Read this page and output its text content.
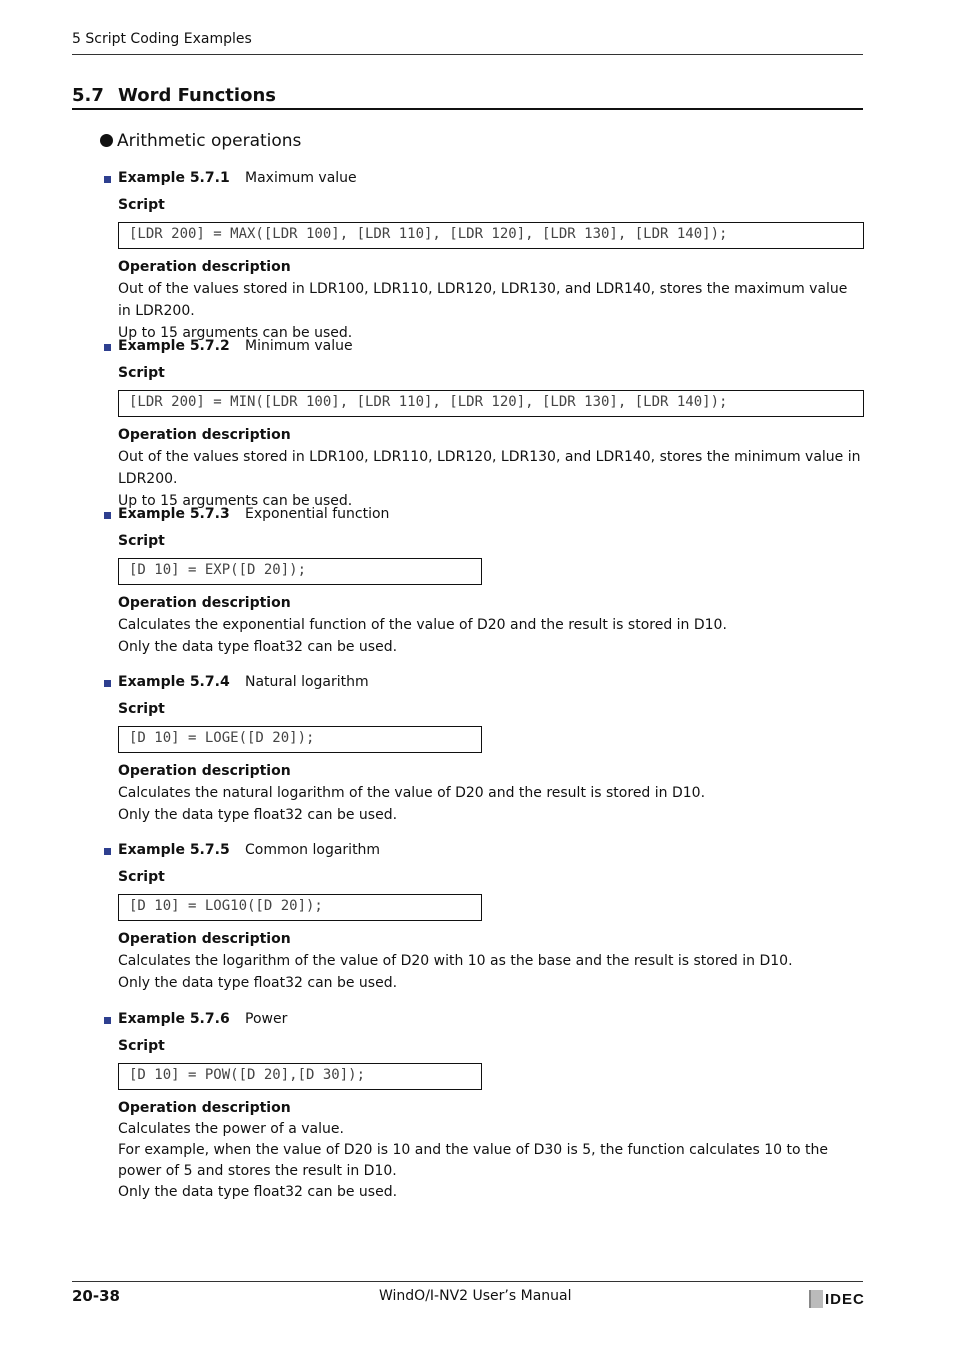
5 Script Coding Examples
5.7 Word Functions
Arithmetic operations
Example 5.7.1 Maximum value
Script
[LDR 200] = MAX([LDR 100], [LDR 110], [LDR 120], [LDR 130], [LDR 140]);
Operation description
Out of the values stored in LDR100, LDR110, LDR120, LDR130, and LDR140, stores the maximum value in LDR200.
Up to 15 arguments can be used.
Example 5.7.2 Minimum value
Script
[LDR 200] = MIN([LDR 100], [LDR 110], [LDR 120], [LDR 130], [LDR 140]);
Operation description
Out of the values stored in LDR100, LDR110, LDR120, LDR130, and LDR140, stores the minimum value in LDR200.
Up to 15 arguments can be used.
Example 5.7.3 Exponential function
Script
[D 10] = EXP([D 20]);
Operation description
Calculates the exponential function of the value of D20 and the result is stored in D10.
Only the data type float32 can be used.
Example 5.7.4 Natural logarithm
Script
[D 10] = LOGE([D 20]);
Operation description
Calculates the natural logarithm of the value of D20 and the result is stored in D10.
Only the data type float32 can be used.
Example 5.7.5 Common logarithm
Script
[D 10] = LOG10([D 20]);
Operation description
Calculates the logarithm of the value of D20 with 10 as the base and the result is stored in D10.
Only the data type float32 can be used.
Example 5.7.6 Power
Script
[D 10] = POW([D 20],[D 30]);
Operation description
Calculates the power of a value.
For example, when the value of D20 is 10 and the value of D30 is 5, the function calculates 10 to the power of 5 and stores the result in D10.
Only the data type float32 can be used.
20-38	WindO/I-NV2 User’s Manual	IDEC
